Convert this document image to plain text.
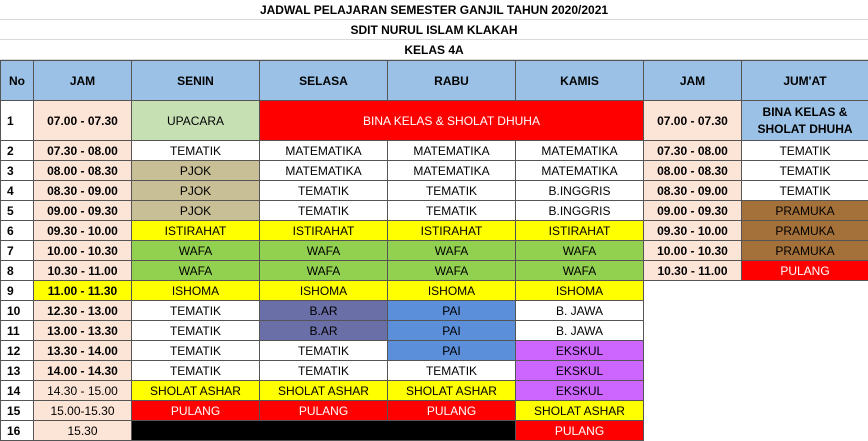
JADWAL PELAJARAN SEMESTER GANJIL TAHUN 2020/2021
SDIT NURUL ISLAM KLAKAH
KELAS 4A
No	JAM	SENIN	SELASA	RABU	KAMIS	JAM	JUM'AT
1	07.00 - 07.30	UPACARA	BINA KELAS & SHOLAT DHUHA			07.00 - 07.30	BINA KELAS & SHOLAT DHUHA
2	07.30 - 08.00	TEMATIK	MATEMATIKA	MATEMATIKA	MATEMATIKA	07.30 - 08.00	TEMATIK
3	08.00 - 08.30	PJOK	MATEMATIKA	MATEMATIKA	MATEMATIKA	08.00 - 08.30	TEMATIK
4	08.30 - 09.00	PJOK	TEMATIK	TEMATIK	B.INGGRIS	08.30 - 09.00	TEMATIK
5	09.00 - 09.30	PJOK	TEMATIK	TEMATIK	B.INGGRIS	09.00 - 09.30	PRAMUKA
6	09.30 - 10.00	ISTIRAHAT	ISTIRAHAT	ISTIRAHAT	ISTIRAHAT	09.30 - 10.00	PRAMUKA
7	10.00 - 10.30	WAFA	WAFA	WAFA	WAFA	10.00 - 10.30	PRAMUKA
8	10.30 - 11.00	WAFA	WAFA	WAFA	WAFA	10.30 - 11.00	PULANG
9	11.00 - 11.30	ISHOMA	ISHOMA	ISHOMA	ISHOMA		
10	12.30 - 13.00	TEMATIK	B.AR	PAI	B. JAWA		
11	13.00 - 13.30	TEMATIK	B.AR	PAI	B. JAWA		
12	13.30 - 14.00	TEMATIK	TEMATIK	PAI	EKSKUL		
13	14.00 - 14.30	TEMATIK	TEMATIK	TEMATIK	EKSKUL		
14	14.30 - 15.00	SHOLAT ASHAR	SHOLAT ASHAR	SHOLAT ASHAR	EKSKUL		
15	15.00-15.30	PULANG	PULANG	PULANG	SHOLAT ASHAR		
16	15.30				PULANG		
